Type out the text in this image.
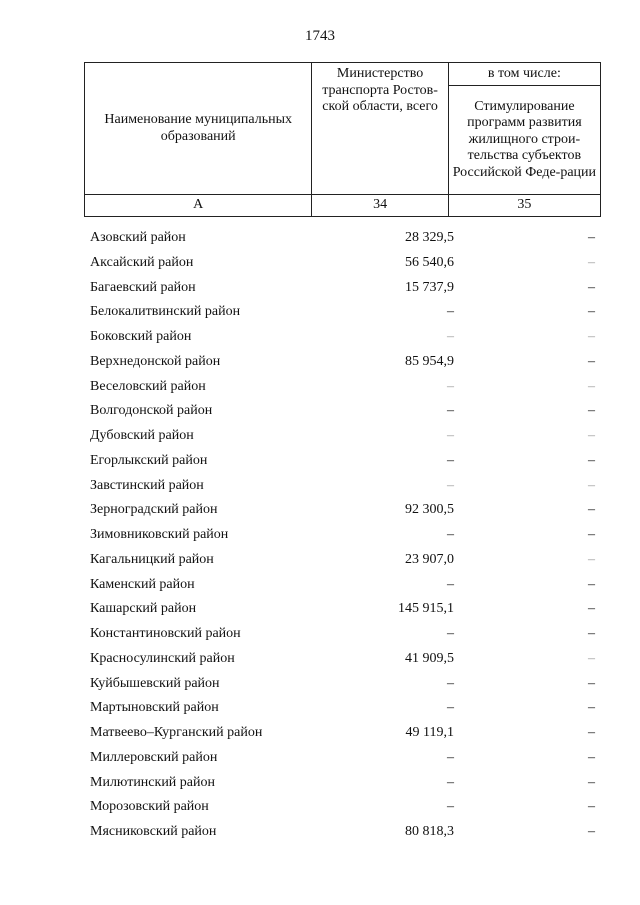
1743
Наименование муниципальных образований	Министерство транспорта Ростов-ской области, всего	в том числе:
		Стимулирование программ развития жилищного строи-тельства субъектов Российской Феде-рации
А	34	35
Азовский район	28 329,5	–
Аксайский район	56 540,6	–
Багаевский район	15 737,9	–
Белокалитвинский район	–	–
Боковский район	–	–
Верхнедонской район	85 954,9	–
Веселовский район	–	–
Волгодонской район	–	–
Дубовский район	–	–
Егорлыкский район	–	–
Завстинский район	–	–
Зерноградский район	92 300,5	–
Зимовниковский район	–	–
Кагальницкий район	23 907,0	–
Каменский район	–	–
Кашарский район	145 915,1	–
Константиновский район	–	–
Красносулинский район	41 909,5	–
Куйбышевский район	–	–
Мартыновский район	–	–
Матвеево–Курганский район	49 119,1	–
Миллеровский район	–	–
Милютинский район	–	–
Морозовский район	–	–
Мясниковский район	80 818,3	–
